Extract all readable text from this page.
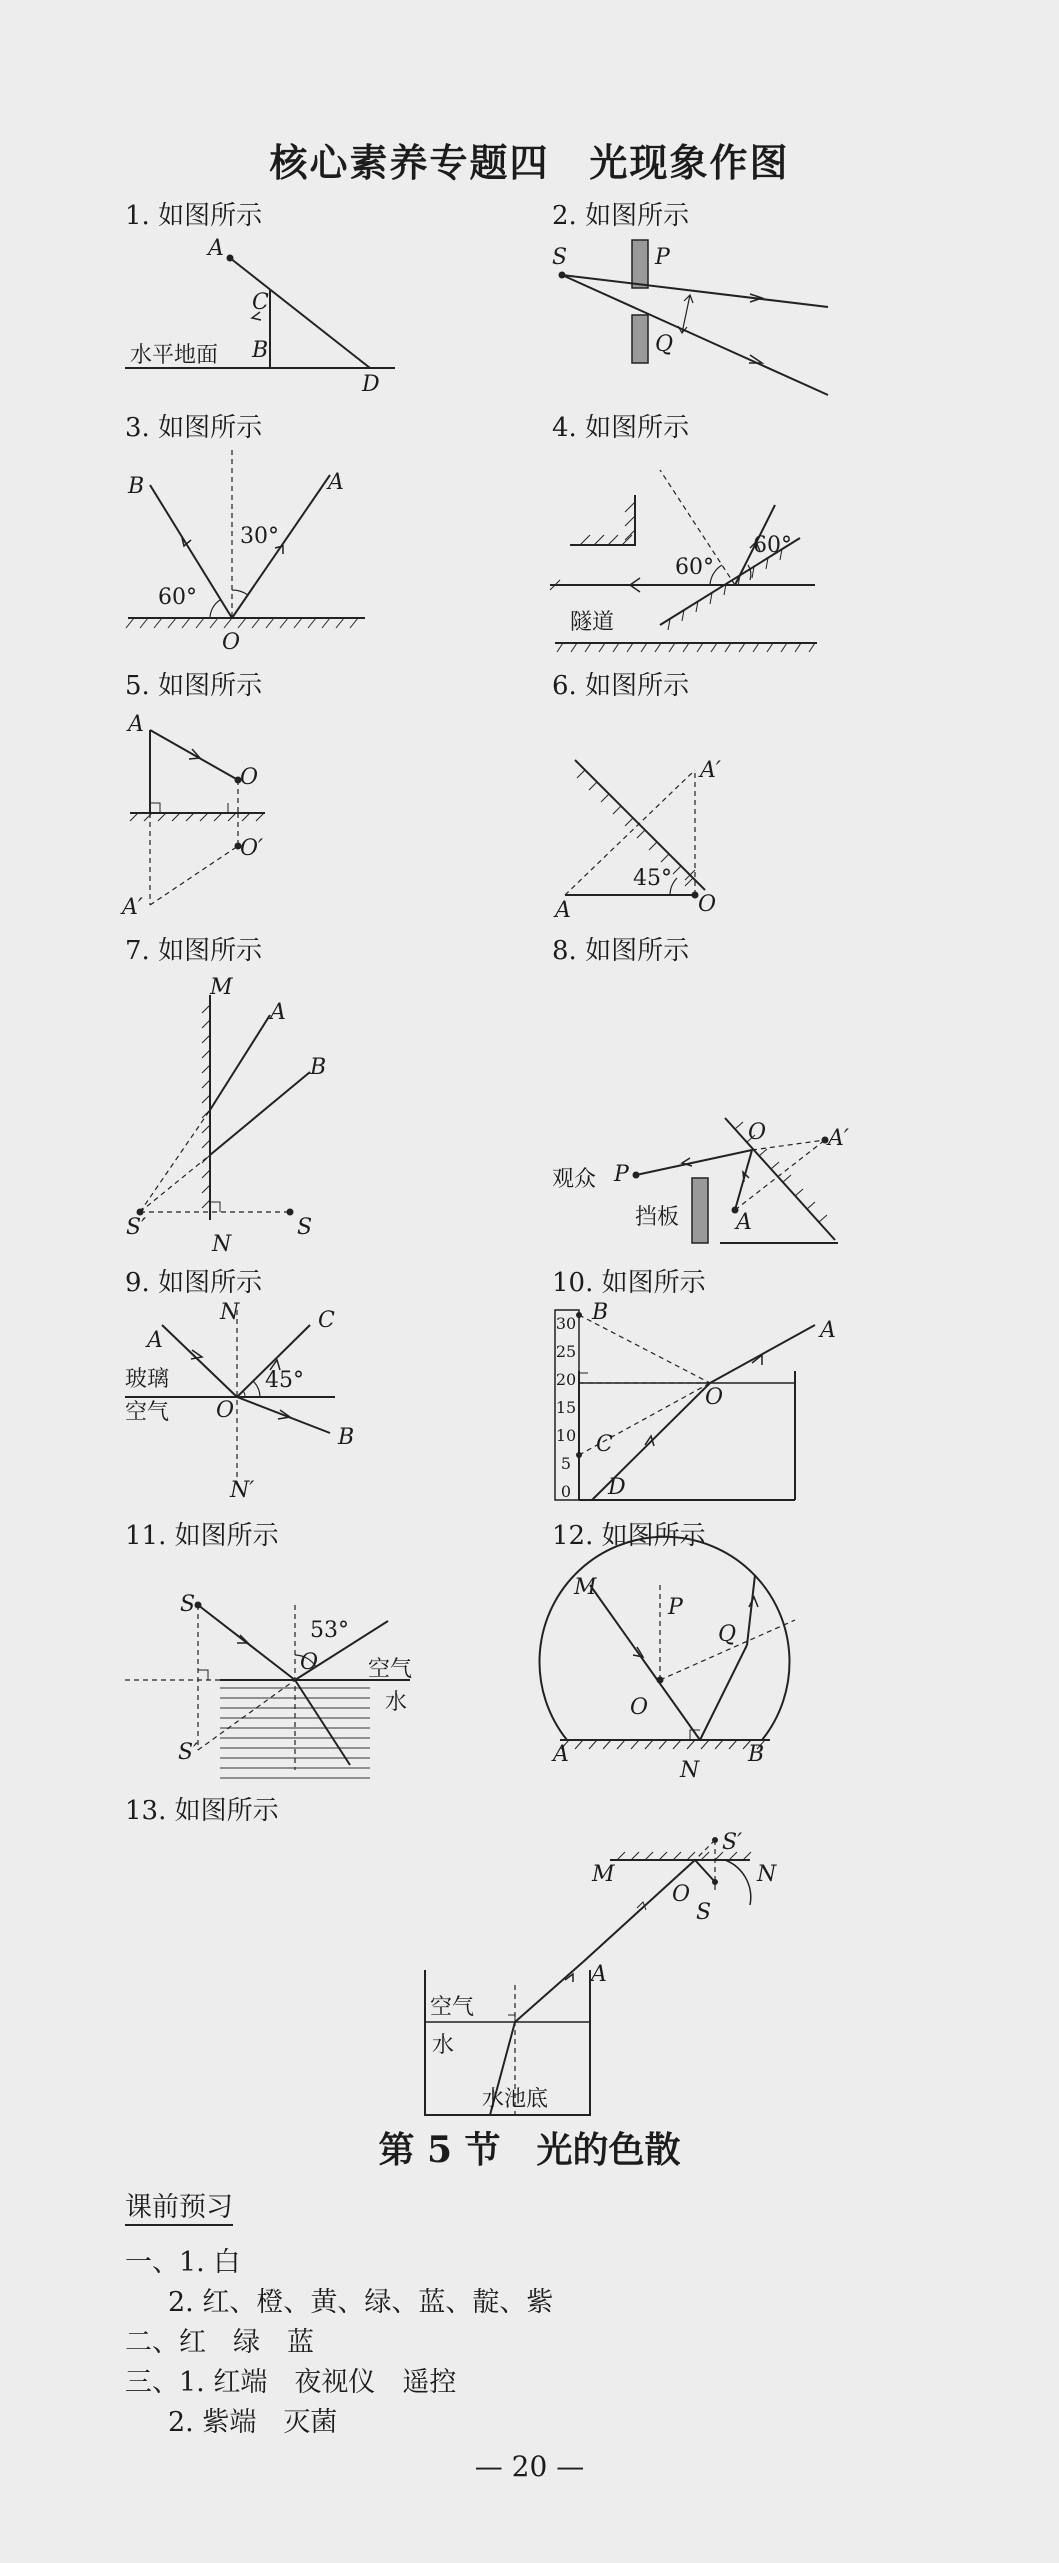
核心素养专题四　光现象作图
1. 如图所示	2. 如图所示
3. 如图所示	4. 如图所示
5. 如图所示	6. 如图所示
7. 如图所示	8. 如图所示
9. 如图所示	10. 如图所示
11. 如图所示	12. 如图所示
13. 如图所示
A
C
B
D
水平地面
S	P
Q
B	A
30°
60°
O
60°
60°
隧道
A
O
O′
A′
A′
45°
A	O
M
A
B
S′
N
S
观众 P
O	A′
挡板	A
N	C
A
玻璃	45°
空气 O
B
N′
30
25
20
15
10
5
0
B
A
O
C
D
S
53°
O 空气
水
S′
M
P
Q
O
A
N
B
S′
M	N
O
S
A
空气
水
水池底
第 5 节　光的色散
课前预习
一、1. 白
2. 红、橙、黄、绿、蓝、靛、紫
二、红　绿　蓝
三、1. 红端　夜视仪　遥控
2. 紫端　灭菌
— 20 —
